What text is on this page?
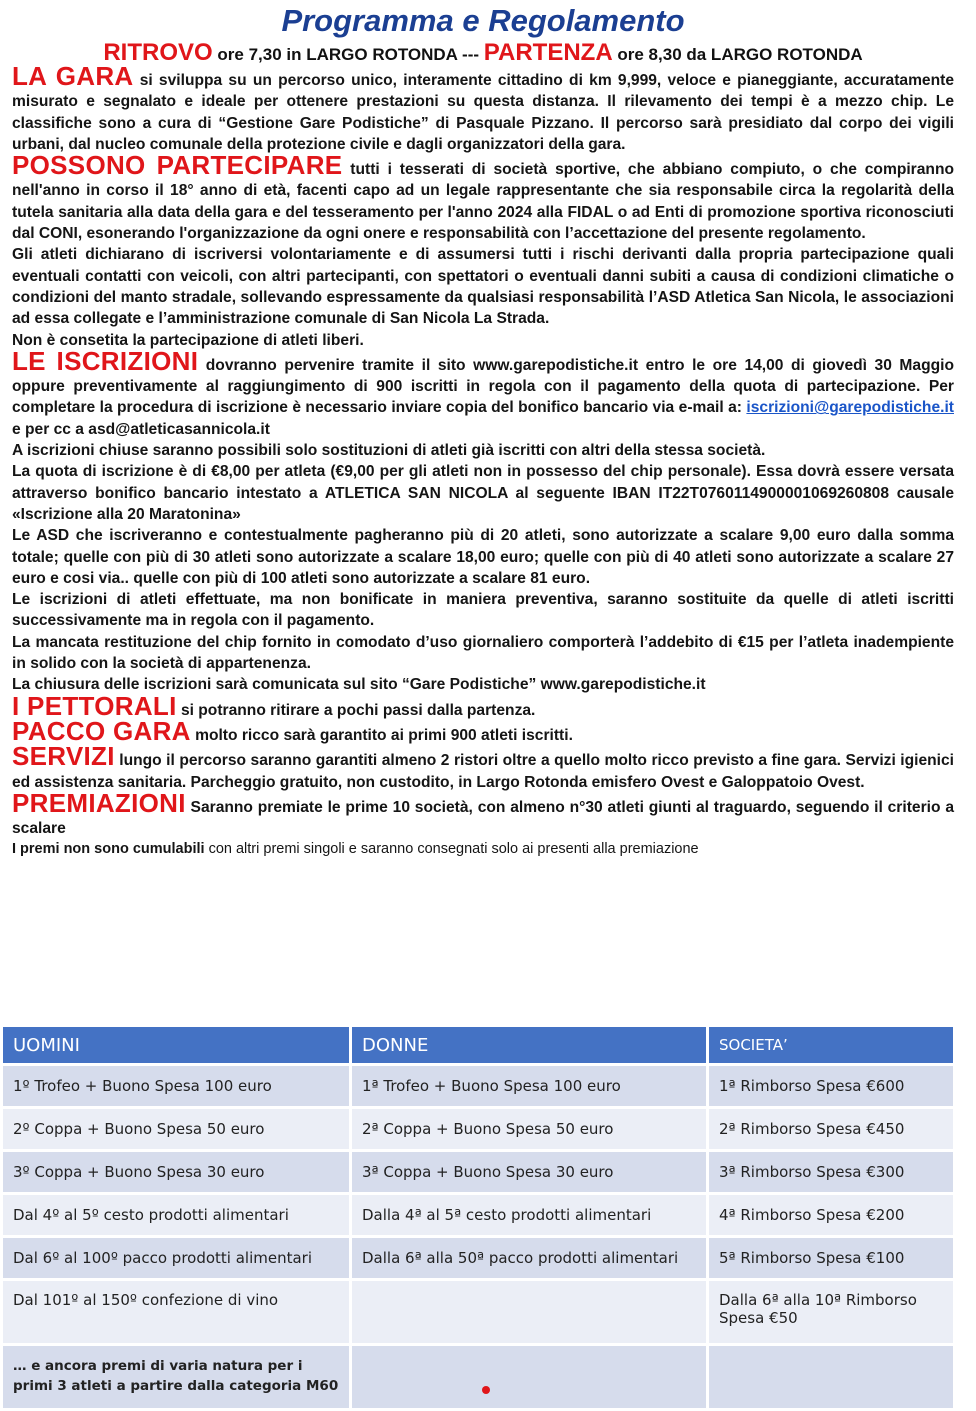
Programma e Regolamento
RITROVO ore 7,30 in LARGO ROTONDA --- PARTENZA ore 8,30 da LARGO ROTONDA

LA GARA si sviluppa su un percorso unico, interamente cittadino di km 9,999, veloce e pianeggiante, accuratamente misurato e segnalato e ideale per ottenere prestazioni su questa distanza. Il rilevamento dei tempi è a mezzo chip. Le classifiche sono a cura di “Gestione Gare Podistiche” di Pasquale Pizzano. Il percorso sarà presidiato dal corpo dei vigili urbani, dal nucleo comunale della protezione civile e dagli organizzatori della gara.

POSSONO PARTECIPARE tutti i tesserati di società sportive, che abbiano compiuto, o che compiranno nell'anno in corso il 18° anno di età, facenti capo ad un legale rappresentante che sia responsabile circa la regolarità della tutela sanitaria alla data della gara e del tesseramento per l'anno 2024 alla FIDAL o ad Enti di promozione sportiva riconosciuti dal CONI, esonerando l'organizzazione da ogni onere e responsabilità con l’accettazione del presente regolamento.

Gli atleti dichiarano di iscriversi volontariamente e di assumersi tutti i rischi derivanti dalla propria partecipazione quali eventuali contatti con veicoli, con altri partecipanti, con spettatori o eventuali danni subiti a causa di condizioni climatiche o condizioni del manto stradale, sollevando espressamente da qualsiasi responsabilità l’ASD Atletica San Nicola, le associazioni ad essa collegate e l’amministrazione comunale di San Nicola La Strada.

Non è consetita la partecipazione di atleti liberi.

LE ISCRIZIONI dovranno pervenire tramite il sito www.garepodistiche.it entro le ore 14,00 di giovedì 30 Maggio oppure preventivamente al raggiungimento di 900 iscritti in regola con il pagamento della quota di partecipazione. Per completare la procedura di iscrizione è necessario inviare copia del bonifico bancario via e-mail a: iscrizioni@garepodistiche.it e per cc a asd@atleticasannicola.it

A iscrizioni chiuse saranno possibili solo sostituzioni di atleti già iscritti con altri della stessa società.

La quota di iscrizione è di €8,00 per atleta (€9,00 per gli atleti non in possesso del chip personale). Essa dovrà essere versata attraverso bonifico bancario intestato a ATLETICA SAN NICOLA al seguente IBAN IT22T0760114900001069260808 causale «Iscrizione alla 20 Maratonina»

Le ASD che iscriveranno e contestualmente pagheranno più di 20 atleti, sono autorizzate a scalare 9,00 euro dalla somma totale; quelle con più di 30 atleti sono autorizzate a scalare 18,00 euro; quelle con più di 40 atleti sono autorizzate a scalare 27 euro e cosi via.. quelle con più di 100 atleti sono autorizzate a scalare 81 euro.

Le iscrizioni di atleti effettuate, ma non bonificate in maniera preventiva, saranno sostituite da quelle di atleti iscritti successivamente ma in regola con il pagamento.

La mancata restituzione del chip fornito in comodato d’uso giornaliero comporterà l’addebito di €15 per l’atleta inadempiente in solido con la società di appartenenza.

La chiusura delle iscrizioni sarà comunicata sul sito “Gare Podistiche” www.garepodistiche.it

I PETTORALI si potranno ritirare a pochi passi dalla partenza.

PACCO GARA molto ricco sarà garantito ai primi 900 atleti iscritti.

SERVIZI lungo il percorso saranno garantiti almeno 2 ristori oltre a quello molto ricco previsto a fine gara. Servizi igienici ed assistenza sanitaria. Parcheggio gratuito, non custodito, in Largo Rotonda emisfero Ovest e Galoppatoio Ovest.

PREMIAZIONI Saranno premiate le prime 10 società, con almeno n°30 atleti giunti al traguardo, seguendo il criterio a scalare

I premi non sono cumulabili con altri premi singoli e saranno consegnati solo ai presenti alla premiazione

UOMINI	DONNE	SOCIETA’
1º Trofeo + Buono Spesa 100 euro	1ª Trofeo + Buono Spesa 100 euro	1ª Rimborso Spesa €600
2º Coppa + Buono Spesa 50 euro	2ª Coppa + Buono Spesa 50 euro	2ª Rimborso Spesa €450
3º Coppa + Buono Spesa 30 euro	3ª Coppa + Buono Spesa 30 euro	3ª Rimborso Spesa €300
Dal 4º al 5º cesto prodotti alimentari	Dalla 4ª al 5ª cesto prodotti alimentari	4ª Rimborso Spesa €200
Dal 6º al 100º pacco prodotti alimentari	Dalla 6ª alla 50ª pacco prodotti alimentari	5ª Rimborso Spesa €100
Dal 101º al 150º confezione di vino		Dalla 6ª alla 10ª Rimborso Spesa €50
… e ancora premi di varia natura per i primi 3 atleti a partire dalla categoria M60		
